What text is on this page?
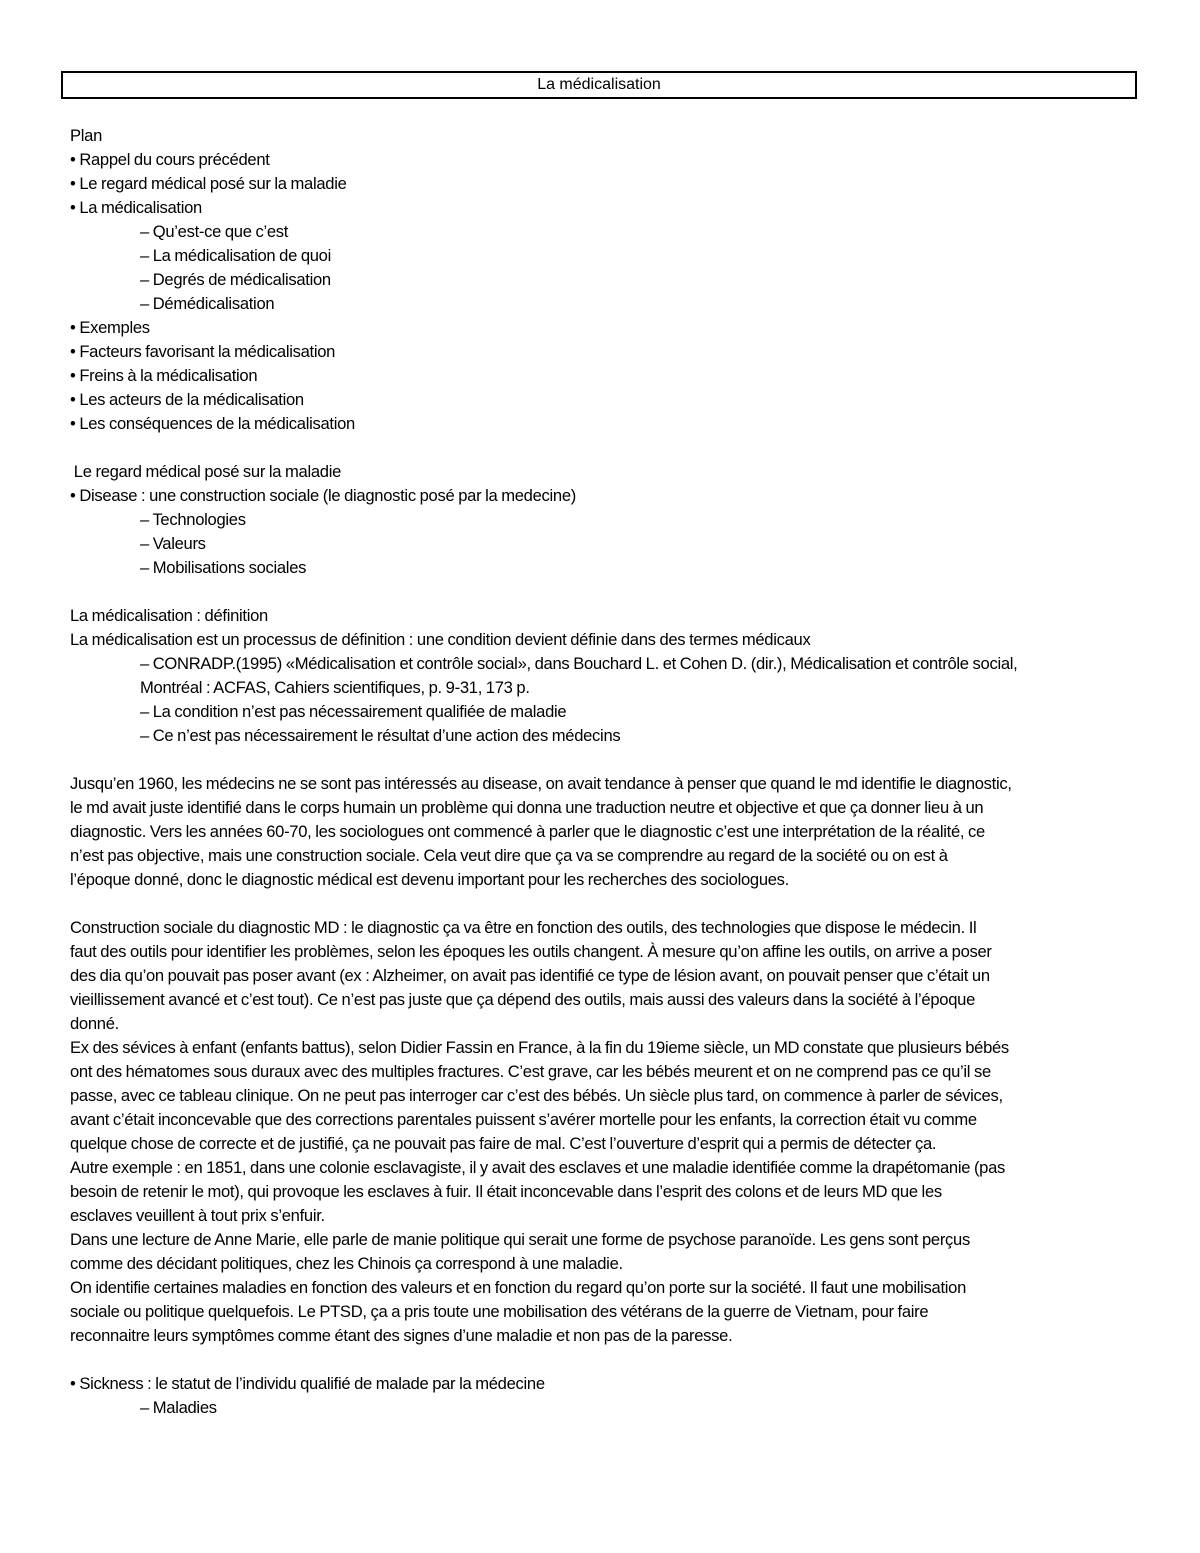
La médicalisation

Plan

• Rappel du cours précédent

• Le regard médical posé sur la maladie

• La médicalisation

– Qu’est-ce que c’est

– La médicalisation de quoi

– Degrés de médicalisation

– Démédicalisation

• Exemples

• Facteurs favorisant la médicalisation

• Freins à la médicalisation

• Les acteurs de la médicalisation

• Les conséquences de la médicalisation

Le regard médical posé sur la maladie

• Disease : une construction sociale (le diagnostic posé par la medecine)

– Technologies

– Valeurs

– Mobilisations sociales

La médicalisation : définition

La médicalisation est un processus de définition : une condition devient définie dans des termes médicaux

– CONRADP.(1995) «Médicalisation et contrôle social», dans Bouchard L. et Cohen D. (dir.), Médicalisation et contrôle social,

Montréal : ACFAS, Cahiers scientifiques, p. 9-31, 173 p.

– La condition n’est pas nécessairement qualifiée de maladie

– Ce n’est pas nécessairement le résultat d’une action des médecins

Jusqu’en 1960, les médecins ne se sont pas intéressés au disease, on avait tendance à penser que quand le md identifie le diagnostic,

le md avait juste identifié dans le corps humain un problème qui donna une traduction neutre et objective et que ça donner lieu à un

diagnostic. Vers les années 60-70, les sociologues ont commencé à parler que le diagnostic c’est une interprétation de la réalité, ce

n’est pas objective, mais une construction sociale. Cela veut dire que ça va se comprendre au regard de la société ou on est à

l’époque donné, donc le diagnostic médical est devenu important pour les recherches des sociologues.

Construction sociale du diagnostic MD : le diagnostic ça va être en fonction des outils, des technologies que dispose le médecin. Il

faut des outils pour identifier les problèmes, selon les époques les outils changent. À mesure qu’on affine les outils, on arrive a poser

des dia qu’on pouvait pas poser avant (ex : Alzheimer, on avait pas identifié ce type de lésion avant, on pouvait penser que c’était un

vieillissement avancé et c’est tout). Ce n’est pas juste que ça dépend des outils, mais aussi des valeurs dans la société à l’époque

donné.

Ex des sévices à enfant (enfants battus), selon Didier Fassin en France, à la fin du 19ieme siècle, un MD constate que plusieurs bébés

ont des hématomes sous duraux avec des multiples fractures. C’est grave, car les bébés meurent et on ne comprend pas ce qu’il se

passe, avec ce tableau clinique. On ne peut pas interroger car c’est des bébés. Un siècle plus tard, on commence à parler de sévices,

avant c’était inconcevable que des corrections parentales puissent s’avérer mortelle pour les enfants, la correction était vu comme

quelque chose de correcte et de justifié, ça ne pouvait pas faire de mal. C’est l’ouverture d’esprit qui a permis de détecter ça.

Autre exemple : en 1851, dans une colonie esclavagiste, il y avait des esclaves et une maladie identifiée comme la drapétomanie (pas

besoin de retenir le mot), qui provoque les esclaves à fuir. Il était inconcevable dans l’esprit des colons et de leurs MD que les

esclaves veuillent à tout prix s’enfuir.

Dans une lecture de Anne Marie, elle parle de manie politique qui serait une forme de psychose paranoïde. Les gens sont perçus

comme des décidant politiques, chez les Chinois ça correspond à une maladie.

On identifie certaines maladies en fonction des valeurs et en fonction du regard qu’on porte sur la société. Il faut une mobilisation

sociale ou politique quelquefois. Le PTSD, ça a pris toute une mobilisation des vétérans de la guerre de Vietnam, pour faire

reconnaitre leurs symptômes comme étant des signes d’une maladie et non pas de la paresse.

• Sickness : le statut de l’individu qualifié de malade par la médecine

– Maladies
